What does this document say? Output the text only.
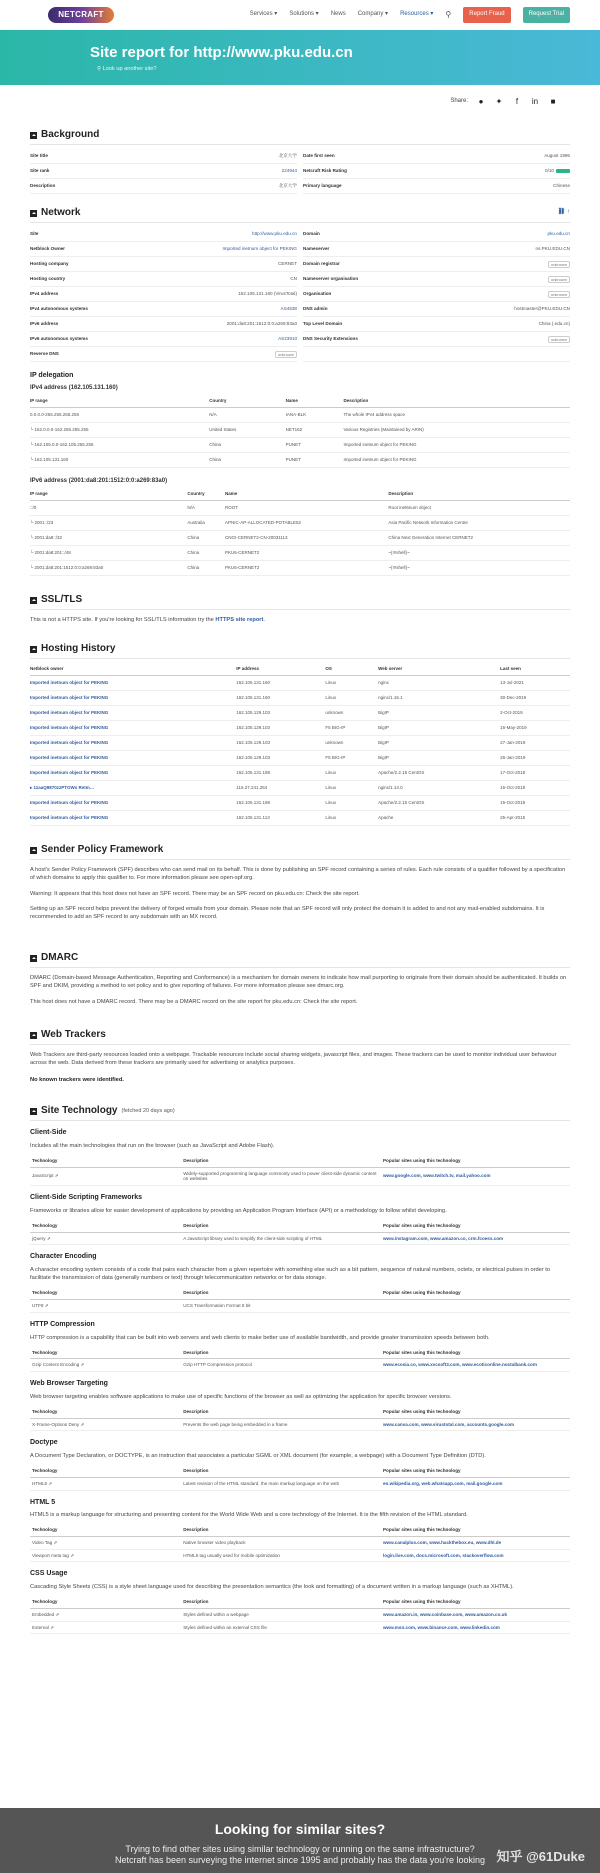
NETCRAFT	Services ▾ Solutions ▾ News Company ▾ Resources ▾ ⚲	Report Fraud	Request Trial
Site report for http://www.pku.edu.cn
⚲ Look up another site?
Share:	●	✦	f	in	■
Background
Site title	北京大学
Site rank	224944
Description	北京大学
Date first seen	August 1995
Netcraft Risk Rating	0/10
Primary language	Chinese
Network	⛓ ↑
Site	http://www.pku.edu.cn
Netblock Owner	Imported inetnum object for PEKING
Hosting company	CERNET
Hosting country	CN
IPv4 address	162.105.131.160 (VirusTotal)
IPv4 autonomous systems	AS4538
IPv6 address	2001:da8:201:1512:0:0:a269:83a0
IPv6 autonomous systems	AS23910
Reverse DNS	unknown
Domain	pku.edu.cn
Nameserver	ns.PKU.EDU.CN
Domain registrar	unknown
Nameserver organisation	unknown
Organisation	unknown
DNS admin	hostmaster@PKU.EDU.CN
Top Level Domain	China (.edu.cn)
DNS Security Extensions	unknown
IP delegation
IPv4 address (162.105.131.160)
IP range	Country	Name	Description
0.0.0.0-255.255.255.255	N/A	IANA-BLK	The whole IPv4 address space
└ 162.0.0.0-162.255.255.255	United States	NET162	Various Registries (Maintained by ARIN)
└ 162.105.0.0-162.105.255.255	China	PUNET	Imported inetnum object for PEKING
└ 162.105.131.160	China	PUNET	Imported inetnum object for PEKING
IPv6 address (2001:da8:201:1512:0:0:a269:83a0)
IP range	Country	Name	Description
::/0	N/A	ROOT	Root inet6num object
└ 2001::/23	Australia	APNIC-AP-ALLOCATED-POTABLE52	Asia Pacific Network Information Centre
└ 2001:da8::/32	China	CNGI-CERNET2-CN-20031113	China Next Generation Internet CERNET2
└ 2001:da8:201::/48	China	PKU6-CERNET2	~{!!!shell}~
└ 2001:da8:201:1512:0:0:a269:83a0	China	PKU6-CERNET2	~{!!!shell}~
SSL/TLS
This is not a HTTPS site. If you're looking for SSL/TLS information try the HTTPS site report.
Hosting History
Netblock owner	IP address	OS	Web server	Last seen
Imported inetnum object for PEKING	162.105.131.160	Linux	nginx	13-Jul-2021
Imported inetnum object for PEKING	162.105.131.160	Linux	nginx/1.16.1	30-Dec-2019
Imported inetnum object for PEKING	162.105.129.103	unknown	BigIP	2-Oct-2019
Imported inetnum object for PEKING	162.105.129.103	F5 BIG-IP	BigIP	16-May-2019
Imported inetnum object for PEKING	162.105.129.103	unknown	BigIP	27-Jan-2019
Imported inetnum object for PEKING	162.105.129.103	F5 BIG-IP	BigIP	26-Jan-2019
Imported inetnum object for PEKING	162.105.131.198	Linux	Apache/2.2.15 CentOS	17-Oct-2018
▸ 11aaQ9870zzPTOWs Retm…	115.27.241.254	Linux	nginx/1.14.0	15-Oct-2018
Imported inetnum object for PEKING	162.105.131.198	Linux	Apache/2.2.15 CentOS	15-Oct-2018
Imported inetnum object for PEKING	162.105.131.113	Linux	Apache	25-Apr-2015
Sender Policy Framework

A host's Sender Policy Framework (SPF) describes who can send mail on its behalf. This is done by publishing an SPF record containing a series of rules. Each rule consists of a qualifier followed by a specification of which domains to apply this qualifier to. For more information please see open-spf.org.

Warning: It appears that this host does not have an SPF record. There may be an SPF record on pku.edu.cn: Check the site report.

Setting up an SPF record helps prevent the delivery of forged emails from your domain. Please note that an SPF record will only protect the domain it is added to and not any mail-enabled subdomains. It is recommended to add an SPF record to any subdomain with an MX record.

DMARC

DMARC (Domain-based Message Authentication, Reporting and Conformance) is a mechanism for domain owners to indicate how mail purporting to originate from their domain should be authenticated. It builds on SPF and DKIM, providing a method to set policy and to give reporting of failures. For more information please see dmarc.org.

This host does not have a DMARC record. There may be a DMARC record on the site report for pku.edu.cn: Check the site report.

Web Trackers

Web Trackers are third-party resources loaded onto a webpage. Trackable resources include social sharing widgets, javascript files, and images. These trackers can be used to monitor individual user behaviour across the web. Data derived from these trackers are primarily used for advertising or analytics purposes.

No known trackers were identified.

Site Technology (fetched 20 days ago)
Client-Side

Includes all the main technologies that run on the browser (such as JavaScript and Adobe Flash).

Technology	Description	Popular sites using this technology
JavaScript ⇗	Widely-supported programming language commonly used to power client-side dynamic content on websites	www.google.com, www.twitch.tv, mail.yahoo.com
Client-Side Scripting Frameworks

Frameworks or libraries allow for easier development of applications by providing an Application Program Interface (API) or a methodology to follow whilst developing.

Technology	Description	Popular sites using this technology
jQuery ⇗	A JavaScript library used to simplify the client-side scripting of HTML	www.instagram.com, www.amazon.co, crm.fcoess.com
Character Encoding

A character encoding system consists of a code that pairs each character from a given repertoire with something else such as a bit pattern, sequence of natural numbers, octets, or electrical pulses in order to facilitate the transmission of data (generally numbers or text) through telecommunication networks or for data storage.

Technology	Description	Popular sites using this technology
UTF8 ⇗	UCS Transformation Format 8 bit	
HTTP Compression

HTTP compression is a capability that can be built into web servers and web clients to make better use of available bandwidth, and provide greater transmission speeds between both.

Technology	Description	Popular sites using this technology
Gzip Content Encoding ⇗	Gzip HTTP Compression protocol	www.ecosia.co, www.xvcsoft3.com, www.ecoticonline.nostalbank.com
Web Browser Targeting

Web browser targeting enables software applications to make use of specific functions of the browser as well as optimizing the application for specific browser versions.

Technology	Description	Popular sites using this technology
X-Frame-Options Deny ⇗	Prevents the web page being embedded in a frame	www.canva.com, www.virustotal.com, accounts.google.com
Doctype

A Document Type Declaration, or DOCTYPE, is an instruction that associates a particular SGML or XML document (for example, a webpage) with a Document Type Definition (DTD).

Technology	Description	Popular sites using this technology
HTML5 ⇗	Latest revision of the HTML standard, the main markup language on the web	en.wikipedia.org, web.whatsapp.com, mail.google.com
HTML 5

HTML5 is a markup language for structuring and presenting content for the World Wide Web and a core technology of the Internet. It is the fifth revision of the HTML standard.

Technology	Description	Popular sites using this technology
Video Tag ⇗	Native browser video playback	www.canalplus.com, www.hackthebox.eu, www.dhl.de
Viewport meta tag ⇗	HTML5 tag usually used for mobile optimization	login.live.com, docs.microsoft.com, stackoverflow.com
CSS Usage

Cascading Style Sheets (CSS) is a style sheet language used for describing the presentation semantics (the look and formatting) of a document written in a markup language (such as XHTML).

Technology	Description	Popular sites using this technology
Embedded ⇗	Styles defined within a webpage	www.amazon.in, www.coinbase.com, www.amazon.co.uk
External ⇗	Styles defined within an external CSS file	www.msn.com, www.binance.com, www.linkedin.com
Looking for similar sites?

Trying to find other sites using similar technology or running on the same infrastructure?
Netcraft has been surveying the internet since 1995 and probably has the data you're looking 知乎 @61Duke
